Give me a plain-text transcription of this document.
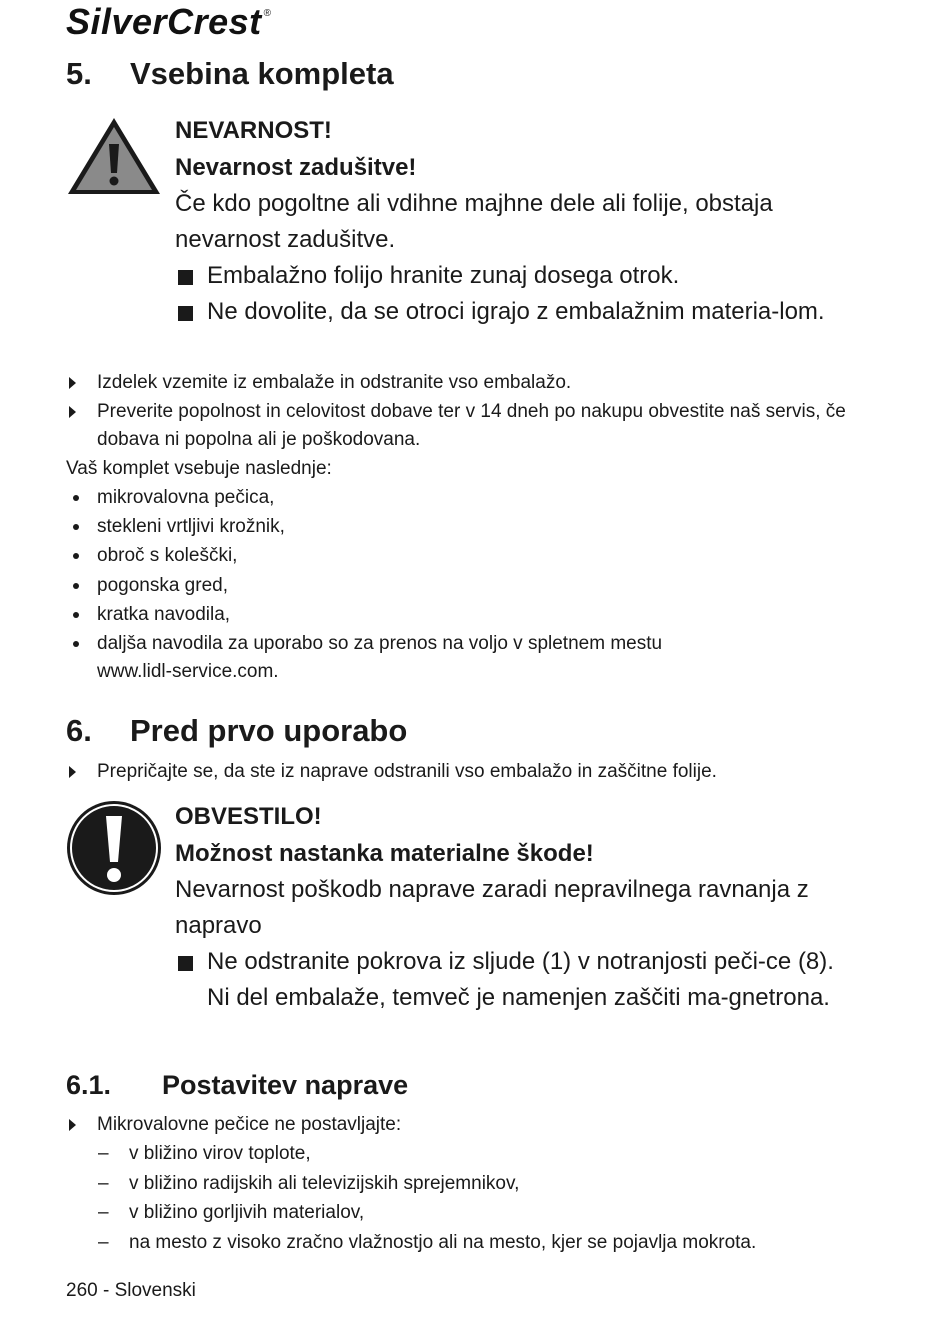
SilverCrest ®
5. Vsebina kompleta
NEVARNOST!
Nevarnost zadušitve!
Če kdo pogoltne ali vdihne majhne dele ali folije, obstaja nevarnost zadušitve.
Embalažno folijo hranite zunaj dosega otrok.
Ne dovolite, da se otroci igrajo z embalažnim materia-lom.
Izdelek vzemite iz embalaže in odstranite vso embalažo.
Preverite popolnost in celovitost dobave ter v 14 dneh po nakupu obvestite naš servis, če dobava ni popolna ali je poškodovana.
Vaš komplet vsebuje naslednje:
mikrovalovna pečica,
stekleni vrtljivi krožnik,
obroč s koleščki,
pogonska gred,
kratka navodila,
daljša navodila za uporabo so za prenos na voljo v spletnem mestu www.lidl-service.com.
6. Pred prvo uporabo
Prepričajte se, da ste iz naprave odstranili vso embalažo in zaščitne folije.
OBVESTILO!
Možnost nastanka materialne škode!
Nevarnost poškodb naprave zaradi nepravilnega ravnanja z napravo
Ne odstranite pokrova iz sljude (1) v notranjosti peči-ce (8). Ni del embalaže, temveč je namenjen zaščiti ma-gnetrona.
6.1. Postavitev naprave
Mikrovalovne pečice ne postavljajte:
– v bližino virov toplote,
– v bližino radijskih ali televizijskih sprejemnikov,
– v bližino gorljivih materialov,
– na mesto z visoko zračno vlažnostjo ali na mesto, kjer se pojavlja mokrota.
260 - Slovenski
